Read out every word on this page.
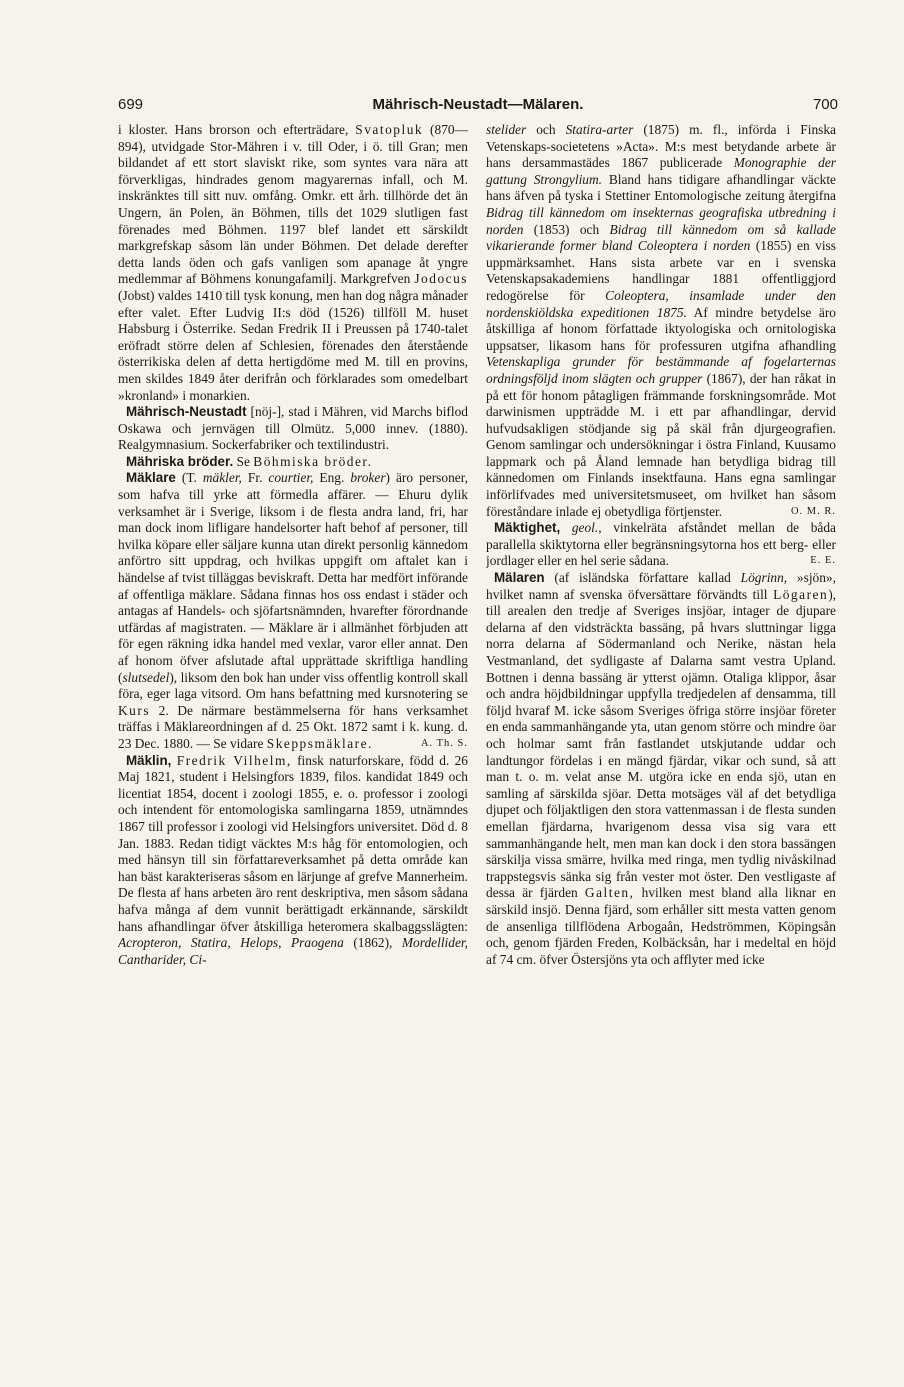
699	Mährisch-Neustadt—Mälaren.	700

i kloster. Hans brorson och efterträdare, Svatopluk (870—894), utvidgade Stor-Mähren i v. till Oder, i ö. till Gran; men bildandet af ett stort slaviskt rike, som syntes vara nära att förverkligas, hindrades genom magyarernas infall, och M. inskränktes till sitt nuv. omfång. Omkr. ett årh. tillhörde det än Ungern, än Polen, än Böhmen, tills det 1029 slutligen fast förenades med Böhmen. 1197 blef landet ett särskildt markgrefskap såsom län under Böhmen. Det delade derefter detta lands öden och gafs vanligen som apanage åt yngre medlemmar af Böhmens konungafamilj. Markgrefven Jodocus (Jobst) valdes 1410 till tysk konung, men han dog några månader efter valet. Efter Ludvig II:s död (1526) tillföll M. huset Habsburg i Österrike. Sedan Fredrik II i Preussen på 1740-talet eröfradt större delen af Schlesien, förenades den återstående österrikiska delen af detta hertigdöme med M. till en provins, men skildes 1849 åter derifrån och förklarades som omedelbart »kronland» i monarkien.

Mährisch-Neustadt [nöj-], stad i Mähren, vid Marchs biflod Oskawa och jernvägen till Olmütz. 5,000 innev. (1880). Realgymnasium. Sockerfabriker och textilindustri.

Mähriska bröder. Se Böhmiska bröder.

Mäklare (T. mäkler, Fr. courtier, Eng. broker) äro personer, som hafva till yrke att förmedla affärer. — Ehuru dylik verksamhet är i Sverige, liksom i de flesta andra land, fri, har man dock inom lifligare handelsorter haft behof af personer, till hvilka köpare eller säljare kunna utan direkt personlig kännedom anförtro sitt uppdrag, och hvilkas uppgift om aftalet kan i händelse af tvist tilläggas beviskraft. Detta har medfört införande af offentliga mäklare. Sådana finnas hos oss endast i städer och antagas af Handels- och sjöfartsnämnden, hvarefter förordnande utfärdas af magistraten. — Mäklare är i allmänhet förbjuden att för egen räkning idka handel med vexlar, varor eller annat. Den af honom öfver afslutade aftal upprättade skriftliga handling (slutsedel), liksom den bok han under viss offentlig kontroll skall föra, eger laga vitsord. Om hans befattning med kursnotering se Kurs 2. De närmare bestämmelserna för hans verksamhet träffas i Mäklareordningen af d. 25 Okt. 1872 samt i k. kung. d. 23 Dec. 1880. — Se vidare Skeppsmäklare.	A. Th. S.

Mäklin, Fredrik Vilhelm, finsk naturforskare, född d. 26 Maj 1821, student i Helsingfors 1839, filos. kandidat 1849 och licentiat 1854, docent i zoologi 1855, e. o. professor i zoologi och intendent för entomologiska samlingarna 1859, utnämndes 1867 till professor i zoologi vid Helsingfors universitet. Död d. 8 Jan. 1883. Redan tidigt väcktes M:s håg för entomologien, och med hänsyn till sin författareverksamhet på detta område kan han bäst karakteriseras såsom en lärjunge af grefve Mannerheim. De flesta af hans arbeten äro rent deskriptiva, men såsom sådana hafva många af dem vunnit berättigadt erkännande, särskildt hans afhandlingar öfver åtskilliga heteromera skalbaggsslägten: Acropteron, Statira, Helops, Praogena (1862), Mordellider, Cantharider, Ci-

stelider och Statira-arter (1875) m. fl., införda i Finska Vetenskaps-societetens »Acta». M:s mest betydande arbete är hans dersammastädes 1867 publicerade Monographie der gattung Strongylium. Bland hans tidigare afhandlingar väckte hans äfven på tyska i Stettiner Entomologische zeitung återgifna Bidrag till kännedom om insekternas geografiska utbredning i norden (1853) och Bidrag till kännedom om så kallade vikarierande former bland Coleoptera i norden (1855) en viss uppmärksamhet. Hans sista arbete var en i svenska Vetenskapsakademiens handlingar 1881 offentliggjord redogörelse för Coleoptera, insamlade under den nordenskiöldska expeditionen 1875. Af mindre betydelse äro åtskilliga af honom författade iktyologiska och ornitologiska uppsatser, likasom hans för professuren utgifna afhandling Vetenskapliga grunder för bestämmande af fogelarternas ordningsföljd inom slägten och grupper (1867), der han råkat in på ett för honom påtagligen främmande forskningsområde. Mot darwinismen uppträdde M. i ett par afhandlingar, dervid hufvudsakligen stödjande sig på skäl från djurgeografien. Genom samlingar och undersökningar i östra Finland, Kuusamo lappmark och på Åland lemnade han betydliga bidrag till kännedomen om Finlands insektfauna. Hans egna samlingar införlifvades med universitetsmuseet, om hvilket han såsom föreståndare inlade ej obetydliga förtjenster.	O. M. R.

Mäktighet, geol., vinkelräta afståndet mellan de båda parallella skiktytorna eller begränsningsytorna hos ett berg- eller jordlager eller en hel serie sådana.	E. E.

Mälaren (af isländska författare kallad Lögrinn, »sjön», hvilket namn af svenska öfversättare förvändts till Lögaren), till arealen den tredje af Sveriges insjöar, intager de djupare delarna af den vidsträckta bassäng, på hvars sluttningar ligga norra delarna af Södermanland och Nerike, nästan hela Vestmanland, det sydligaste af Dalarna samt vestra Upland. Bottnen i denna bassäng är ytterst ojämn. Otaliga klippor, åsar och andra höjdbildningar uppfylla tredjedelen af densamma, till följd hvaraf M. icke såsom Sveriges öfriga större insjöar företer en enda sammanhängande yta, utan genom större och mindre öar och holmar samt från fastlandet utskjutande uddar och landtungor fördelas i en mängd fjärdar, vikar och sund, så att man t. o. m. velat anse M. utgöra icke en enda sjö, utan en samling af särskilda sjöar. Detta motsäges väl af det betydliga djupet och följaktligen den stora vattenmassan i de flesta sunden emellan fjärdarna, hvarigenom dessa visa sig vara ett sammanhängande helt, men man kan dock i den stora bassängen särskilja vissa smärre, hvilka med ringa, men tydlig nivåskilnad trappstegsvis sänka sig från vester mot öster. Den vestligaste af dessa är fjärden Galten, hvilken mest bland alla liknar en särskild insjö. Denna fjärd, som erhåller sitt mesta vatten genom de ansenliga tillflödena Arbogaån, Hedströmmen, Köpingsån och, genom fjärden Freden, Kolbäcksån, har i medeltal en höjd af 74 cm. öfver Östersjöns yta och afflyter med icke
